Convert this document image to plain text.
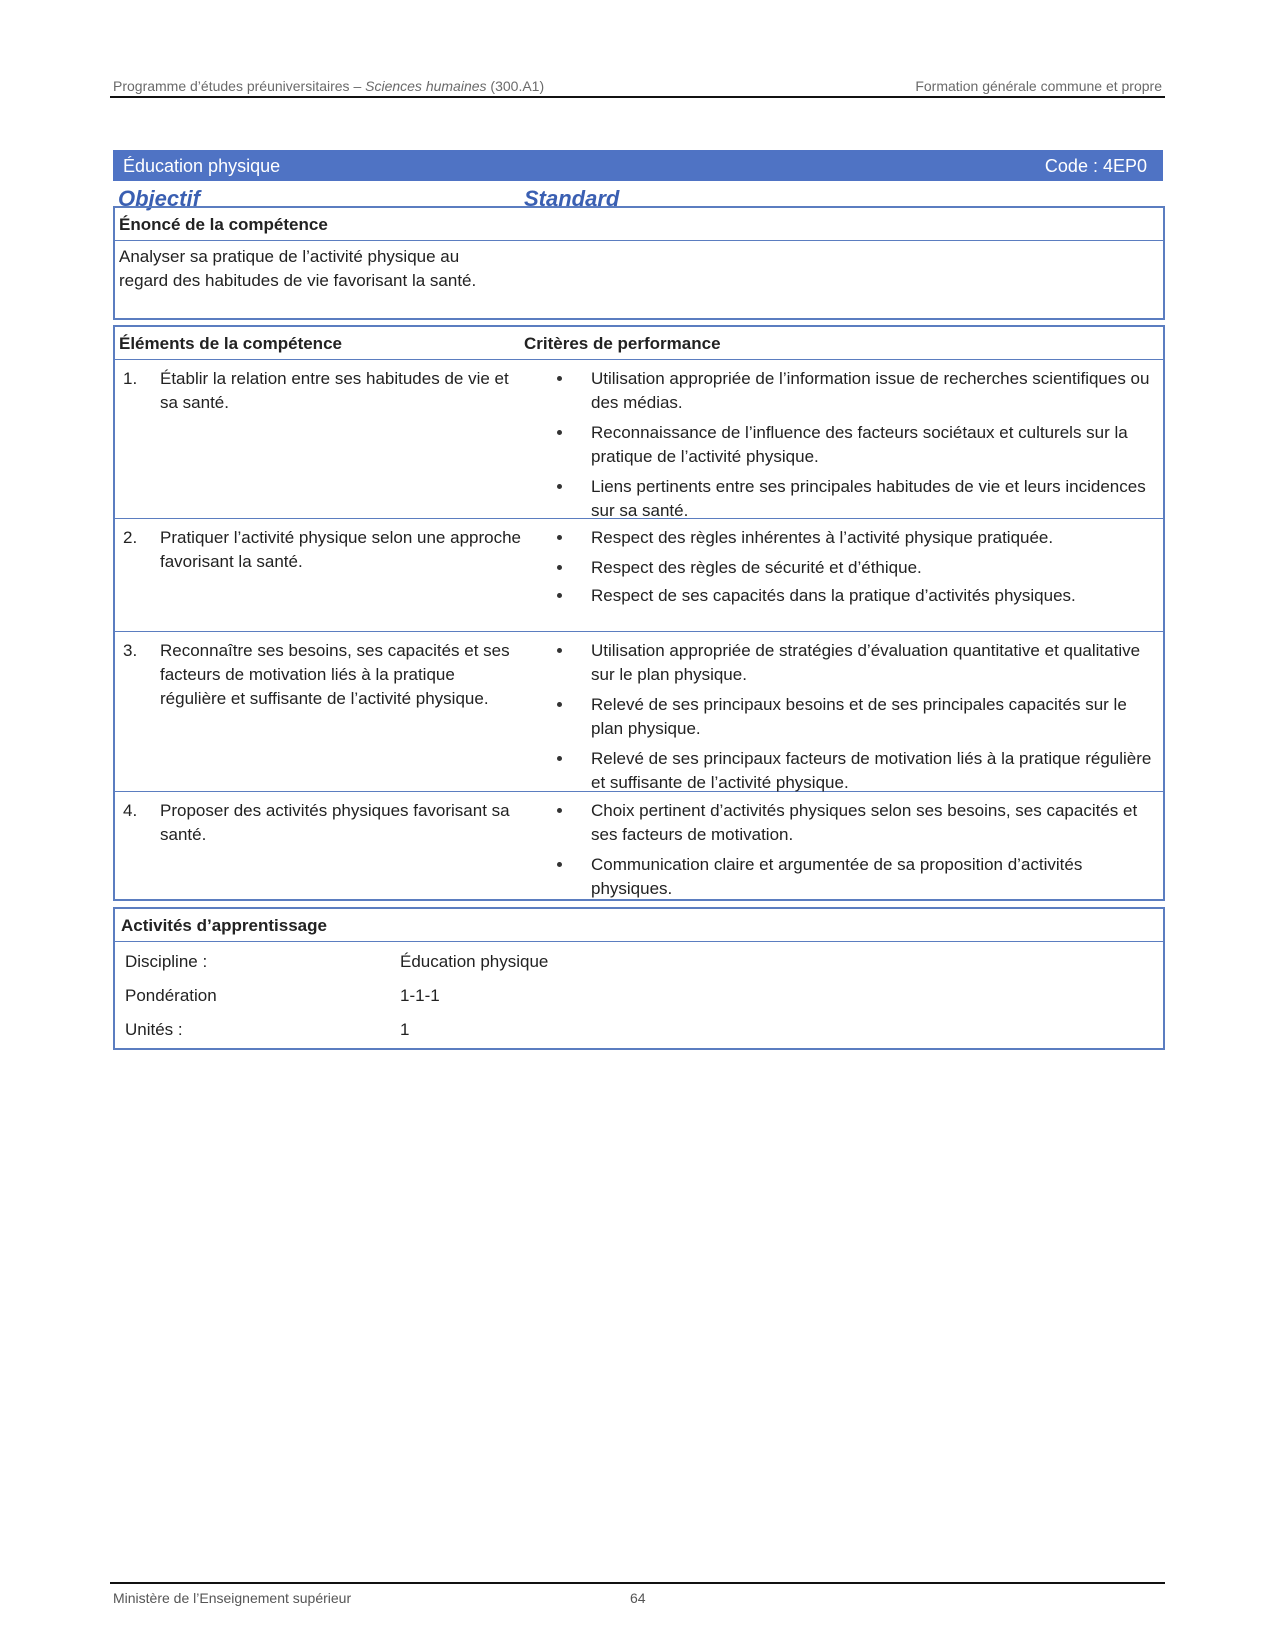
Programme d’études préuniversitaires – Sciences humaines (300.A1)	Formation générale commune et propre
Éducation physique	Code : 4EP0
Objectif	Standard
Énoncé de la compétence
Analyser sa pratique de l’activité physique au regard des habitudes de vie favorisant la santé.
Éléments de la compétence	Critères de performance
1. Établir la relation entre ses habitudes de vie et sa santé.
Utilisation appropriée de l’information issue de recherches scientifiques ou des médias.
Reconnaissance de l’influence des facteurs sociétaux et culturels sur la pratique de l’activité physique.
Liens pertinents entre ses principales habitudes de vie et leurs incidences sur sa santé.
2. Pratiquer l’activité physique selon une approche favorisant la santé.
Respect des règles inhérentes à l’activité physique pratiquée.
Respect des règles de sécurité et d’éthique.
Respect de ses capacités dans la pratique d’activités physiques.
3. Reconnaître ses besoins, ses capacités et ses facteurs de motivation liés à la pratique régulière et suffisante de l’activité physique.
Utilisation appropriée de stratégies d’évaluation quantitative et qualitative sur le plan physique.
Relevé de ses principaux besoins et de ses principales capacités sur le plan physique.
Relevé de ses principaux facteurs de motivation liés à la pratique régulière et suffisante de l’activité physique.
4. Proposer des activités physiques favorisant sa santé.
Choix pertinent d’activités physiques selon ses besoins, ses capacités et ses facteurs de motivation.
Communication claire et argumentée de sa proposition d’activités physiques.
Activités d’apprentissage
Discipline :	Éducation physique
Pondération	1-1-1
Unités :	1
Ministère de l’Enseignement supérieur	64
